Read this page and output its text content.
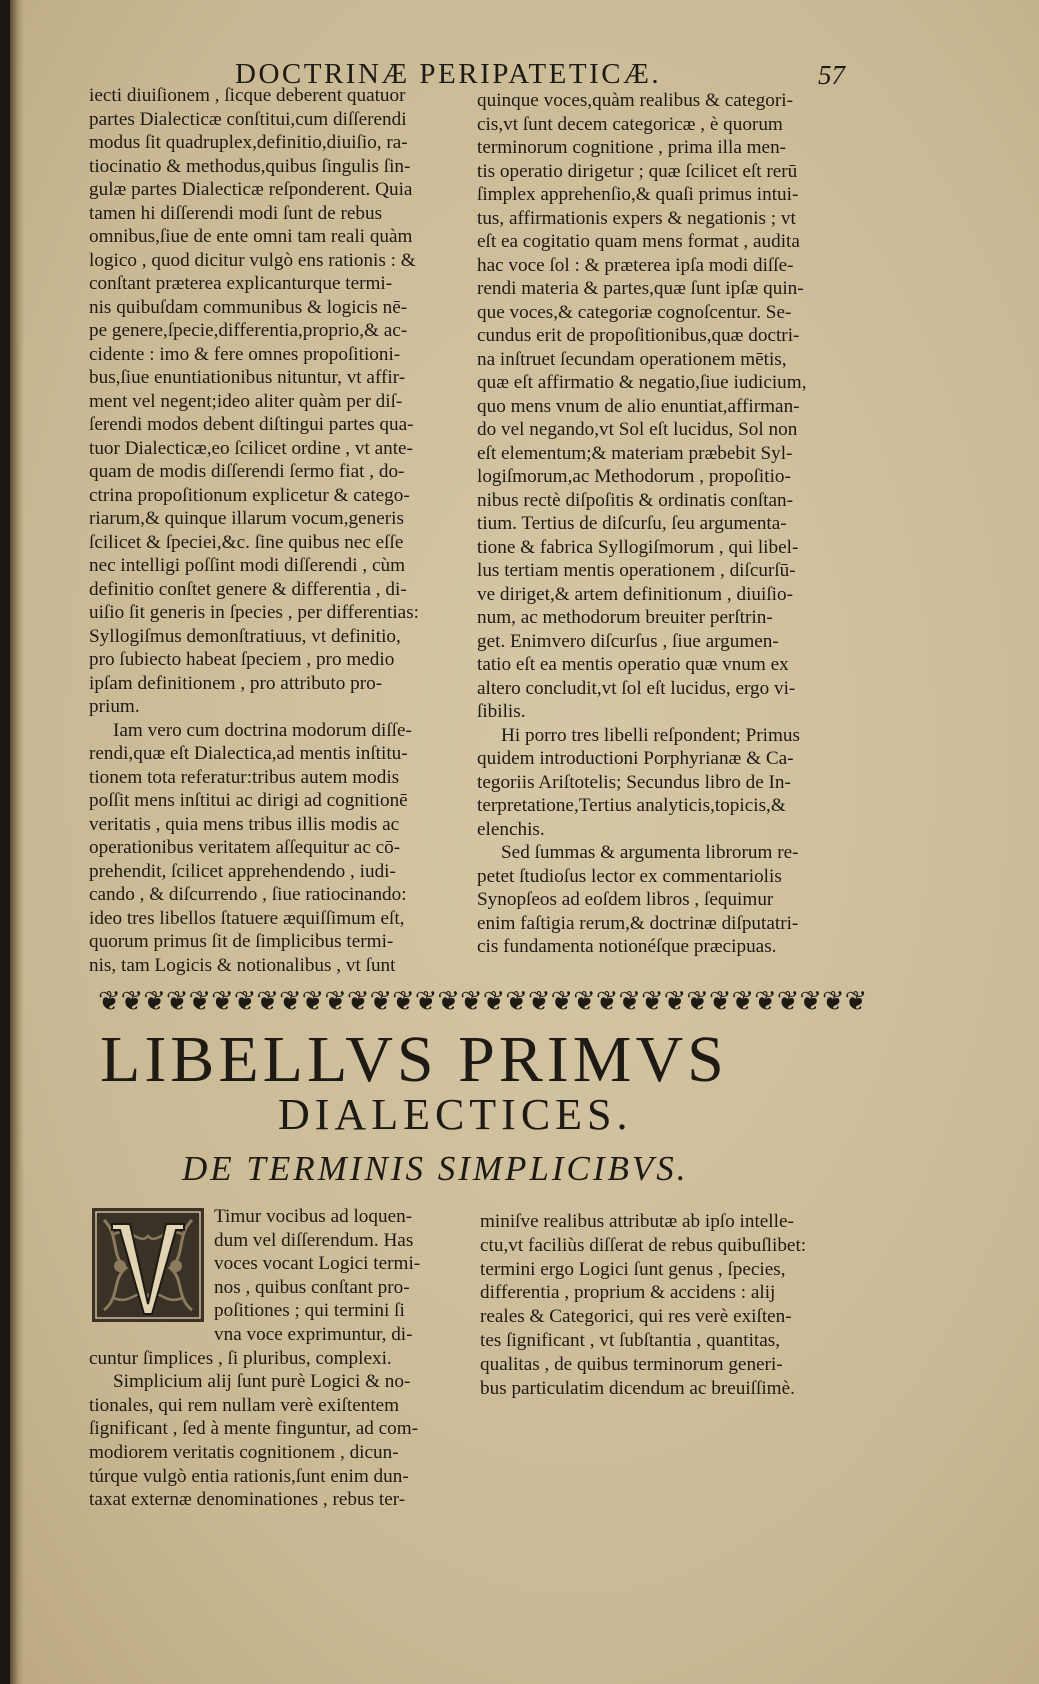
DOCTRINÆ PERIPATETICÆ.	57
iecti diuiſionem , ſicque deberent quatuor
partes Dialecticæ conſtitui,cum diſſerendi
modus ſit quadruplex,definitio,diuiſio, ra-
tiocinatio & methodus,quibus ſingulis ſin-
gulæ partes Dialecticæ reſponderent. Quia
tamen hi diſſerendi modi ſunt de rebus
omnibus,ſiue de ente omni tam reali quàm
logico , quod dicitur vulgò ens rationis : &
conſtant præterea explicanturque termi-
nis quibuſdam communibus & logicis nē-
pe genere,ſpecie,differentia,proprio,& ac-
cidente : imo & fere omnes propoſitioni-
bus,ſiue enuntiationibus nituntur, vt affir-
ment vel negent;ideo aliter quàm per diſ-
ſerendi modos debent diſtingui partes qua-
tuor Dialecticæ,eo ſcilicet ordine , vt ante-
quam de modis diſſerendi ſermo fiat , do-
ctrina propoſitionum explicetur & catego-
riarum,& quinque illarum vocum,generis
ſcilicet & ſpeciei,&c. ſine quibus nec eſſe
nec intelligi poſſint modi diſſerendi , cùm
definitio conſtet genere & differentia , di-
uiſio ſit generis in ſpecies , per differentias:
Syllogiſmus demonſtratiuus, vt definitio,
pro ſubiecto habeat ſpeciem , pro medio
ipſam definitionem , pro attributo pro-
prium.
Iam vero cum doctrina modorum diſſe-
rendi,quæ eſt Dialectica,ad mentis inſtitu-
tionem tota referatur:tribus autem modis
poſſit mens inſtitui ac dirigi ad cognitionē
veritatis , quia mens tribus illis modis ac
operationibus veritatem aſſequitur ac cō-
prehendit, ſcilicet apprehendendo , iudi-
cando , & diſcurrendo , ſiue ratiocinando:
ideo tres libellos ſtatuere æquiſſimum eſt,
quorum primus ſit de ſimplicibus termi-
nis, tam Logicis & notionalibus , vt ſunt
quinque voces,quàm realibus & categori-
cis,vt ſunt decem categoricæ , è quorum
terminorum cognitione , prima illa men-
tis operatio dirigetur ; quæ ſcilicet eſt rerū
ſimplex apprehenſio,& quaſi primus intui-
tus, affirmationis expers & negationis ; vt
eſt ea cogitatio quam mens format , audita
hac voce ſol : & præterea ipſa modi diſſe-
rendi materia & partes,quæ ſunt ipſæ quin-
que voces,& categoriæ cognoſcentur. Se-
cundus erit de propoſitionibus,quæ doctri-
na inſtruet ſecundam operationem mētis,
quæ eſt affirmatio & negatio,ſiue iudicium,
quo mens vnum de alio enuntiat,affirman-
do vel negando,vt Sol eſt lucidus, Sol non
eſt elementum;& materiam præbebit Syl-
logiſmorum,ac Methodorum , propoſitio-
nibus rectè diſpoſitis & ordinatis conſtan-
tium. Tertius de diſcurſu, ſeu argumenta-
tione & fabrica Syllogiſmorum , qui libel-
lus tertiam mentis operationem , diſcurſū-
ve diriget,& artem definitionum , diuiſio-
num, ac methodorum breuiter perſtrin-
get. Enimvero diſcurſus , ſiue argumen-
tatio eſt ea mentis operatio quæ vnum ex
altero concludit,vt ſol eſt lucidus, ergo vi-
ſibilis.
Hi porro tres libelli reſpondent; Primus
quidem introductioni Porphyrianæ & Ca-
tegoriis Ariſtotelis; Secundus libro de In-
terpretatione,Tertius analyticis,topicis,&
elenchis.
Sed ſummas & argumenta librorum re-
petet ſtudioſus lector ex commentariolis
Synopſeos ad eoſdem libros , ſequimur
enim faſtigia rerum,& doctrinæ diſputatri-
cis fundamenta notionéſque præcipuas.
❦ ❦ ❦ ❦ ❦ ❦ ❦ ❦ ❦ ❦ ❦ ❦ ❦ ❦ ❦ ❦ ❦ ❦ ❦ ❦ ❦ ❦ ❦ ❦ ❦ ❦ ❦ ❦ ❦ ❦ ❦ ❦ ❦ ❦
LIBELLVS PRIMVS
DIALECTICES.
DE TERMINIS SIMPLICIBVS.
Timur vocibus ad loquen-
dum vel diſſerendum. Has
voces vocant Logici termi-
nos , quibus conſtant pro-
poſitiones ; qui termini ſi
vna voce exprimuntur, di-
cuntur ſimplices , ſi pluribus, complexi.
Simplicium alij ſunt purè Logici & no-
tionales, qui rem nullam verè exiſtentem
ſignificant , ſed à mente finguntur, ad com-
modiorem veritatis cognitionem , dicun-
túrque vulgò entia rationis,ſunt enim dun-
taxat externæ denominationes , rebus ter-
miniſve realibus attributæ ab ipſo intelle-
ctu,vt faciliùs diſſerat de rebus quibuſlibet:
termini ergo Logici ſunt genus , ſpecies,
differentia , proprium & accidens : alij
reales & Categorici, qui res verè exiſten-
tes ſignificant , vt ſubſtantia , quantitas,
qualitas , de quibus terminorum generi-
bus particulatim dicendum ac breuiſſimè.
